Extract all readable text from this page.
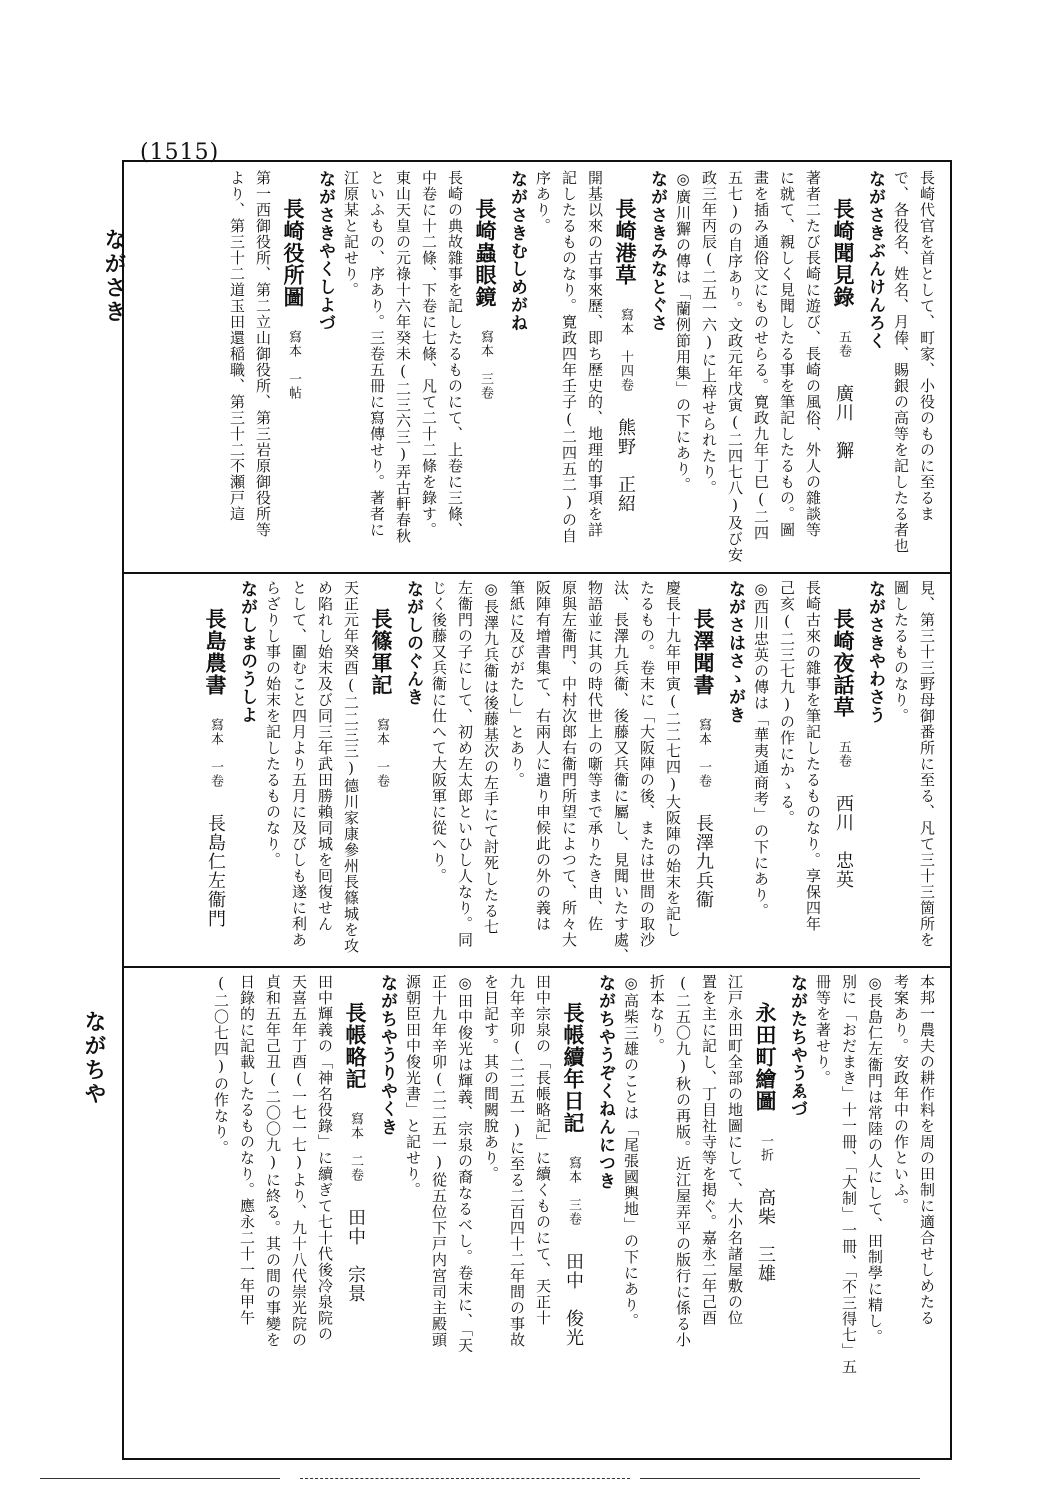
(1515)
ながさき
ながちや
長崎代官を首として、町家、小役のものに至るま
で、各役名、姓名、月俸、賜銀の高等を記したる者也
ながさきぶんけんろく
長崎聞見錄五卷廣川　獬
著者二たび長崎に遊び、長崎の風俗、外人の雜談等
に就て、親しく見聞したる事を筆記したるもの。圖
畫を插み通俗文にものせらる。寛政九年丁巳(二四
五七)の自序あり。文政元年戊寅(二四七八)及び安
政三年丙辰(二五一六)に上梓せられたり。
◎廣川獬の傳は「蘭例節用集」の下にあり。
ながさきみなとぐさ
長崎港草寫本　十四卷熊野　正紹
開基以來の古事來歷、即ち歷史的、地理的事項を詳
記したるものなり。寛政四年壬子(二四五二)の自
序あり。
ながさきむしめがね
長崎蟲眼鏡寫本　三卷
長崎の典故雜事を記したるものにて、上卷に三條、
中卷に十二條、下卷に七條、凡て二十二條を錄す。
東山天皇の元祿十六年癸未(二三六三)弄古軒春秋
といふもの、序あり。三卷五冊に寫傳せり。著者に
江原某と記せり。
ながさきやくしよづ
長崎役所圖寫本　一帖
第一西御役所、第二立山御役所、第三岩原御役所等
より、第三十二道玉田還稲職、第三十二不瀬戸這
見、第三十三野母御番所に至る、凡て三十三箇所を
圖したるものなり。
ながさきやわさう
長崎夜話草五卷西川　忠英
長崎古來の雜事を筆記したるものなり。享保四年
己亥(二三七九)の作にかゝる。
◎西川忠英の傳は「華夷通商考」の下にあり。
ながさはさゝがき
長澤聞書寫本　一卷長澤九兵衞
慶長十九年甲寅(二二七四)大阪陣の始末を記し
たるもの。卷末に「大阪陣の後、または世間の取沙
汰、長澤九兵衞、後藤又兵衞に屬し、見聞いたす處、
物語並に其の時代世上の噺等まで承りたき由、佐
原與左衞門、中村次郎右衞門所望によつて、所々大
阪陣有增書集て、右兩人に遣り申候此の外の義は
筆紙に及びがたし」とあり。
◎長澤九兵衞は後藤基次の左手にて討死したる七
左衞門の子にして、初め左太郎といひし人なり。同
じく後藤又兵衞に仕へて大阪軍に從へり。
ながしのぐんき
長篠軍記寫本　一卷
天正元年癸酉(二二三三)德川家康參州長篠城を攻
め陷れし始末及び同三年武田勝賴同城を囘復せん
として、圍むこと四月より五月に及びしも遂に利あ
らざりし事の始末を記したるものなり。
ながしまのうしよ
長島農書寫本　一卷長島仁左衞門
本邦一農夫の耕作料を周の田制に適合せしめたる
考案あり。安政年中の作といふ。
◎長島仁左衞門は常陸の人にして、田制學に精し。
別に「おだまき」十一冊、「大制」一冊、「不三得七」五
冊等を著せり。
ながたちやうゑづ
永田町繪圖一折高柴　三雄
江戸永田町全部の地圖にして、大小名諸屋敷の位
置を主に記し、丁目社寺等を掲ぐ。嘉永二年己酉
(二五〇九)秋の再版。近江屋弄平の版行に係る小
折本なり。
◎高柴三雄のことは「尾張國輿地」の下にあり。
ながちやうぞくねんにつき
長帳續年日記寫本　三卷田中　俊光
田中宗泉の「長帳略記」に續くものにて、天正十
九年辛卯(二二五一)に至る二百四十二年間の事故
を日記す。其の間闕脫あり。
◎田中俊光は輝義、宗泉の裔なるべし。卷末に、「天
正十九年辛卯(二二五一)從五位下戸内宮司主殿頭
源朝臣田中俊光書」と記せり。
ながちやうりやくき
長帳略記寫本　二卷田中　宗景
田中輝義の「神名役錄」に續ぎて七十代後冷泉院の
天喜五年丁酉(一七一七)より、九十八代崇光院の
貞和五年己丑(二〇〇九)に終る。其の間の事變を
日錄的に記載したるものなり。應永二十一年甲午
(二〇七四)の作なり。
